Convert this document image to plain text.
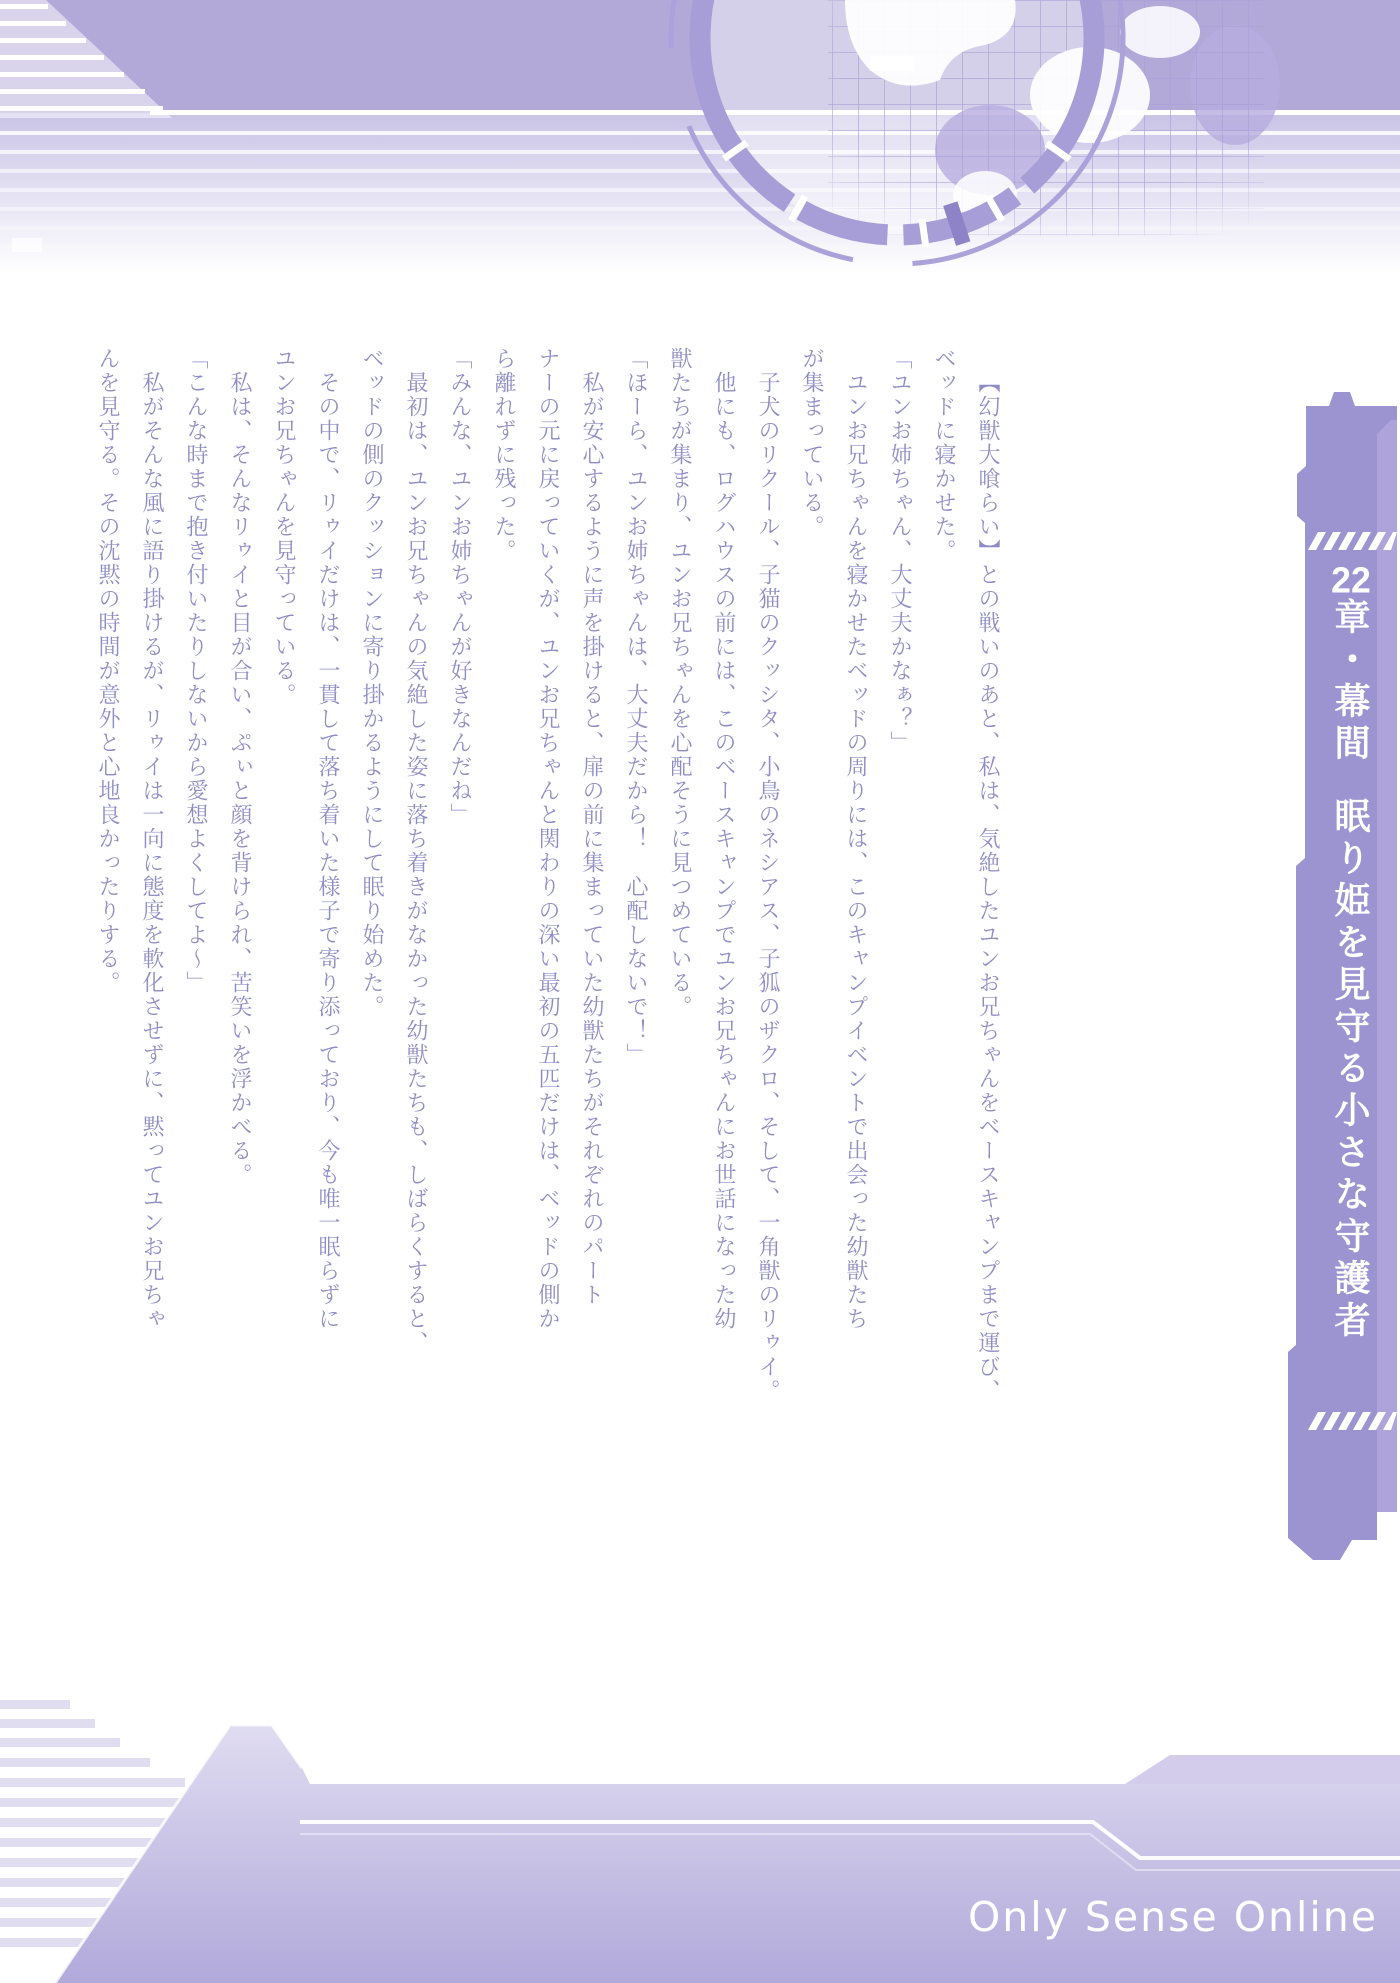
22章・幕間眠り姫を見守る小さな守護者
【幻獣大喰らい】との戦いのあと、私は、気絶したユンお兄ちゃんをベースキャンプまで運び、
ベッドに寝かせた。
「ユンお姉ちゃん、大丈夫かなぁ？」
ユンお兄ちゃんを寝かせたベッドの周りには、このキャンプイベントで出会った幼獣たち
が集まっている。
子犬のリクール、子猫のクッシタ、小鳥のネシアス、子狐のザクロ、そして、一角獣のリゥイ。
他にも、ログハウスの前には、このベースキャンプでユンお兄ちゃんにお世話になった幼
獣たちが集まり、ユンお兄ちゃんを心配そうに見つめている。
「ほーら、ユンお姉ちゃんは、大丈夫だから！　心配しないで！」
私が安心するように声を掛けると、扉の前に集まっていた幼獣たちがそれぞれのパート
ナーの元に戻っていくが、ユンお兄ちゃんと関わりの深い最初の五匹だけは、ベッドの側か
ら離れずに残った。
「みんな、ユンお姉ちゃんが好きなんだね」
最初は、ユンお兄ちゃんの気絶した姿に落ち着きがなかった幼獣たちも、しばらくすると、
ベッドの側のクッションに寄り掛かるようにして眠り始めた。
その中で、リゥイだけは、一貫して落ち着いた様子で寄り添っており、今も唯一眠らずに
ユンお兄ちゃんを見守っている。
私は、そんなリゥイと目が合い、ぷぃと顔を背けられ、苦笑いを浮かべる。
「こんな時まで抱き付いたりしないから愛想よくしてよ～」
私がそんな風に語り掛けるが、リゥイは一向に態度を軟化させずに、黙ってユンお兄ちゃ
んを見守る。その沈黙の時間が意外と心地良かったりする。
Only Sense Online
